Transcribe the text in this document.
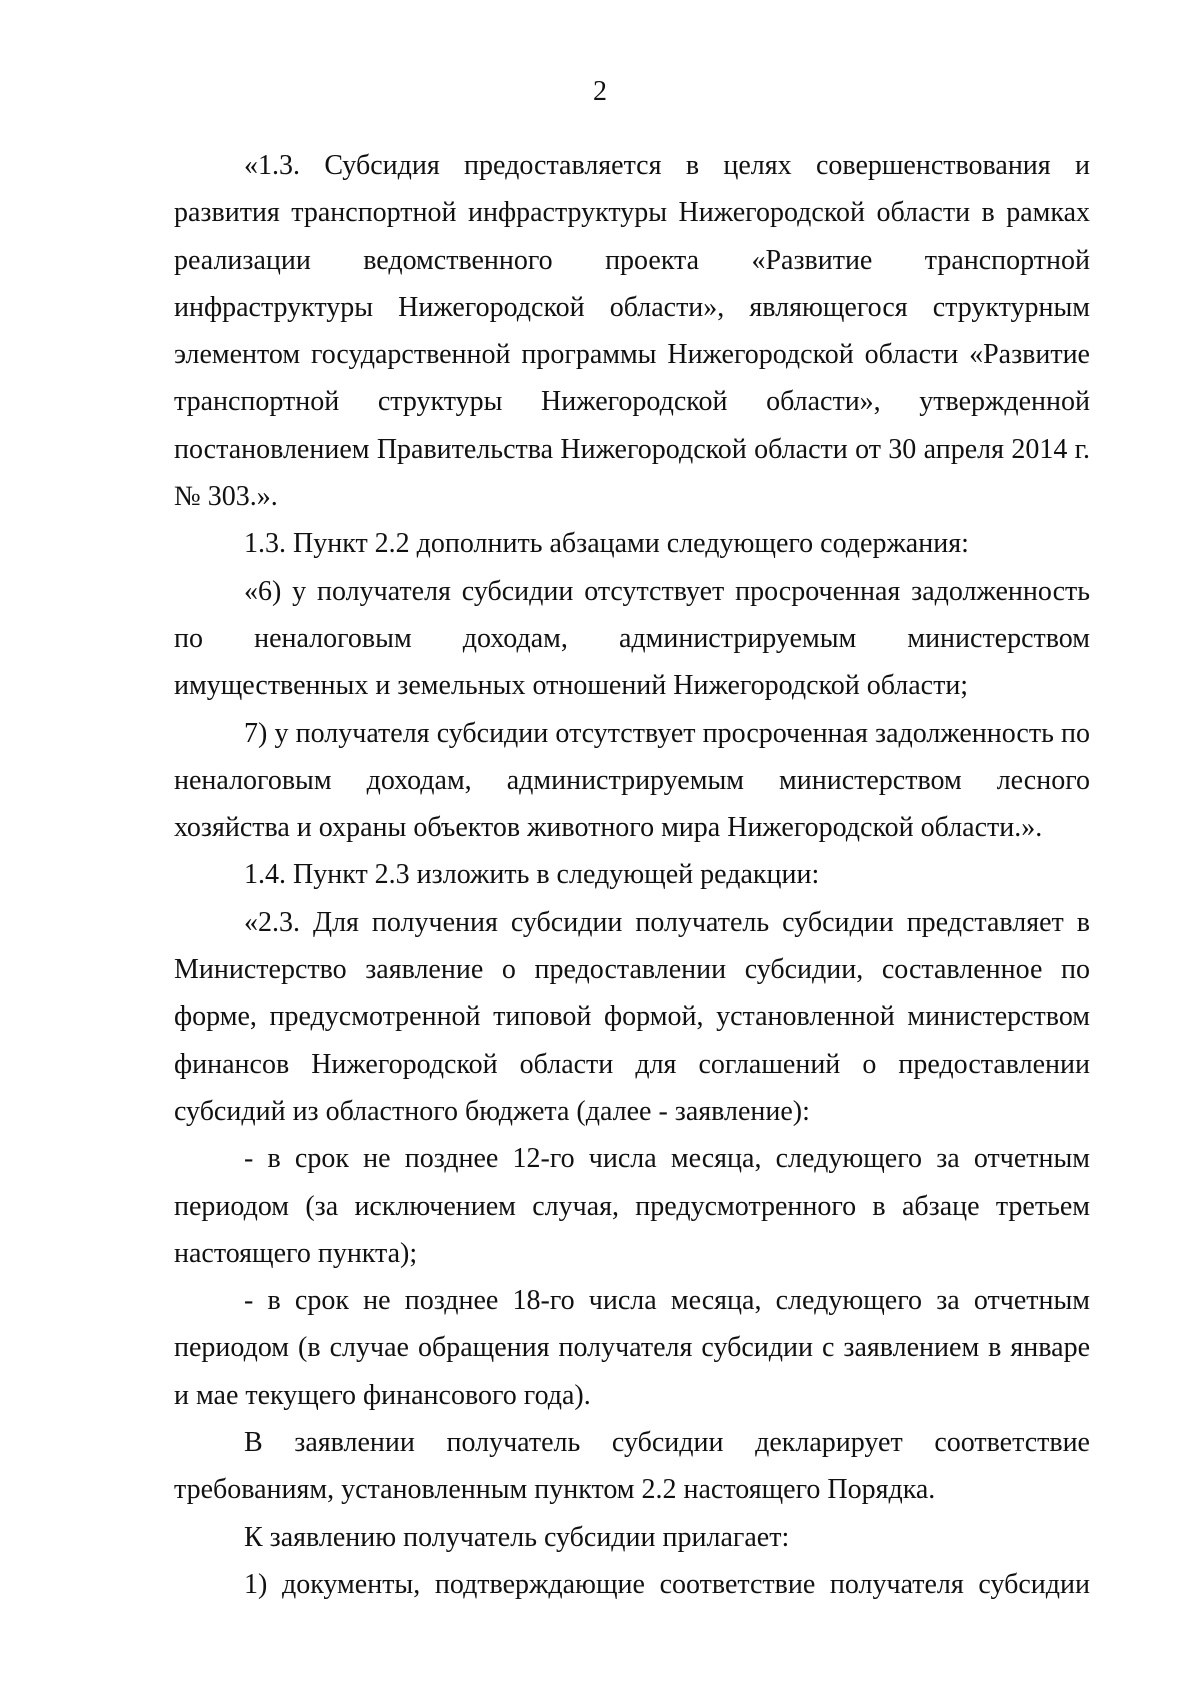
2

«1.3. Субсидия предоставляется в целях совершенствования и развития транспортной инфраструктуры Нижегородской области в рамках реализации ведомственного проекта «Развитие транспортной инфраструктуры Нижегородской области», являющегося структурным элементом государственной программы Нижегородской области «Развитие транспортной структуры Нижегородской области», утвержденной постановлением Правительства Нижегородской области от 30 апреля 2014 г. № 303.».

1.3. Пункт 2.2 дополнить абзацами следующего содержания:

«6) у получателя субсидии отсутствует просроченная задолженность по неналоговым доходам, администрируемым министерством имущественных и земельных отношений Нижегородской области;

7) у получателя субсидии отсутствует просроченная задолженность по неналоговым доходам, администрируемым министерством лесного хозяйства и охраны объектов животного мира Нижегородской области.».

1.4. Пункт 2.3 изложить в следующей редакции:

«2.3. Для получения субсидии получатель субсидии представляет в Министерство заявление о предоставлении субсидии, составленное по форме, предусмотренной типовой формой, установленной министерством финансов Нижегородской области для соглашений о предоставлении субсидий из областного бюджета (далее - заявление):

- в срок не позднее 12-го числа месяца, следующего за отчетным периодом (за исключением случая, предусмотренного в абзаце третьем настоящего пункта);

- в срок не позднее 18-го числа месяца, следующего за отчетным периодом (в случае обращения получателя субсидии с заявлением в январе и мае текущего финансового года).

В заявлении получатель субсидии декларирует соответствие требованиям, установленным пунктом 2.2 настоящего Порядка.

К заявлению получатель субсидии прилагает:

1) документы, подтверждающие соответствие получателя субсидии
